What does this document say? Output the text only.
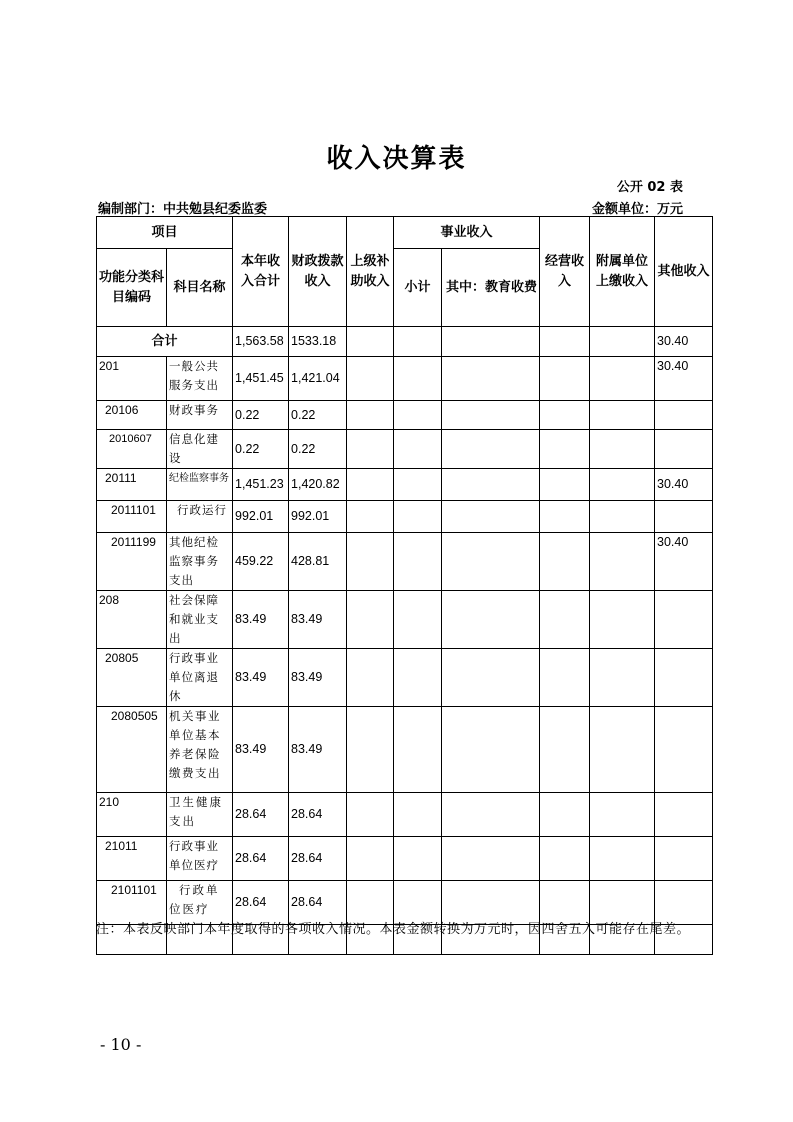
收入决算表
公开 02 表
编制部门：中共勉县纪委监委	金额单位：万元
项目		本年收入合计	财政拨款收入	上级补助收入	事业收入		经营收入	附属单位上缴收入	其他收入
功能分类科目编码	科目名称				小计	其中：教育收费			
合计		1,563.58	1533.18						30.40
201	一般公共服务支出	1,451.45	1,421.04						30.40
20106	财政事务	0.22	0.22						
2010607	信息化建设	0.22	0.22						
20111	纪检监察事务	1,451.23	1,420.82						30.40
2011101	行政运行	992.01	992.01						
2011199	其他纪检监察事务支出	459.22	428.81						30.40
208	社会保障和就业支出	83.49	83.49						
20805	行政事业单位离退休	83.49	83.49						
2080505	机关事业单位基本养老保险缴费支出	83.49	83.49						
210	卫生健康支出	28.64	28.64						
21011	行政事业单位医疗	28.64	28.64						
2101101	行政单位医疗	28.64	28.64						

注：本表反映部门本年度取得的各项收入情况。本表金额转换为万元时，因四舍五入可能存在尾差。
- 10 -
